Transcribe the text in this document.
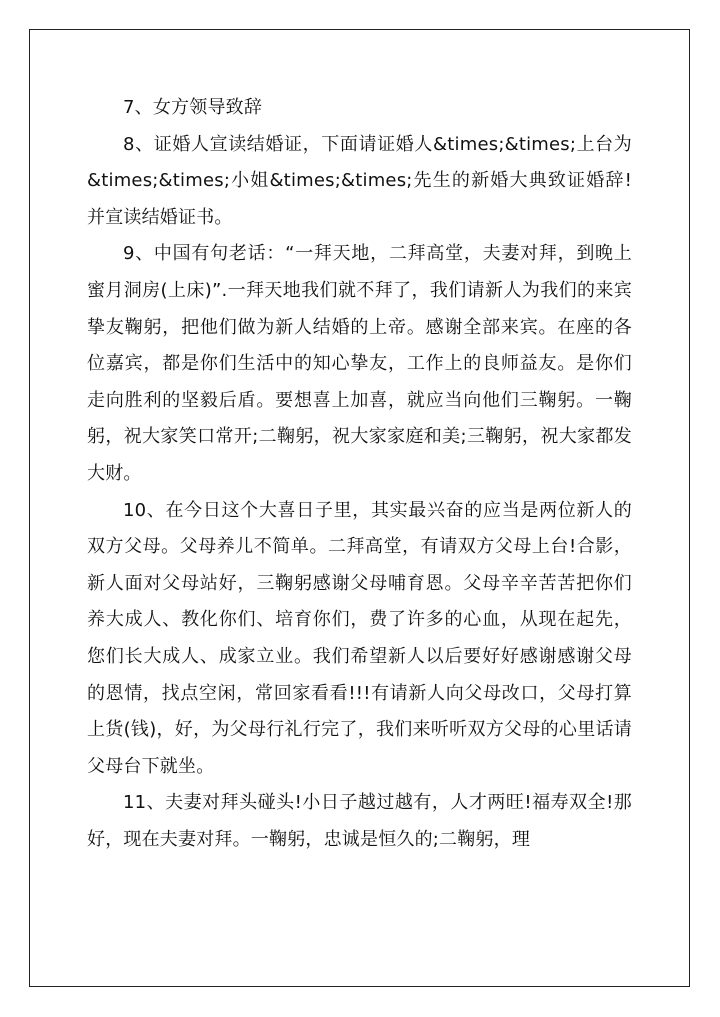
7、女方领导致辞

8、证婚人宣读结婚证，下面请证婚人&times;&times;上台为&times;&times;小姐&times;&times;先生的新婚大典致证婚辞!并宣读结婚证书。

9、中国有句老话：“一拜天地，二拜高堂，夫妻对拜，到晚上蜜月洞房(上床)”.一拜天地我们就不拜了，我们请新人为我们的来宾挚友鞠躬，把他们做为新人结婚的上帝。感谢全部来宾。在座的各位嘉宾，都是你们生活中的知心挚友，工作上的良师益友。是你们走向胜利的坚毅后盾。要想喜上加喜，就应当向他们三鞠躬。一鞠躬，祝大家笑口常开;二鞠躬，祝大家家庭和美;三鞠躬，祝大家都发大财。

10、在今日这个大喜日子里，其实最兴奋的应当是两位新人的双方父母。父母养儿不简单。二拜高堂，有请双方父母上台!合影，新人面对父母站好，三鞠躬感谢父母哺育恩。父母辛辛苦苦把你们养大成人、教化你们、培育你们，费了许多的心血，从现在起先，您们长大成人、成家立业。我们希望新人以后要好好感谢感谢父母的恩情，找点空闲，常回家看看!!!有请新人向父母改口，父母打算上货(钱)，好，为父母行礼行完了，我们来听听双方父母的心里话请父母台下就坐。

11、夫妻对拜头碰头!小日子越过越有，人才两旺!福寿双全!那好，现在夫妻对拜。一鞠躬，忠诚是恒久的;二鞠躬，理
